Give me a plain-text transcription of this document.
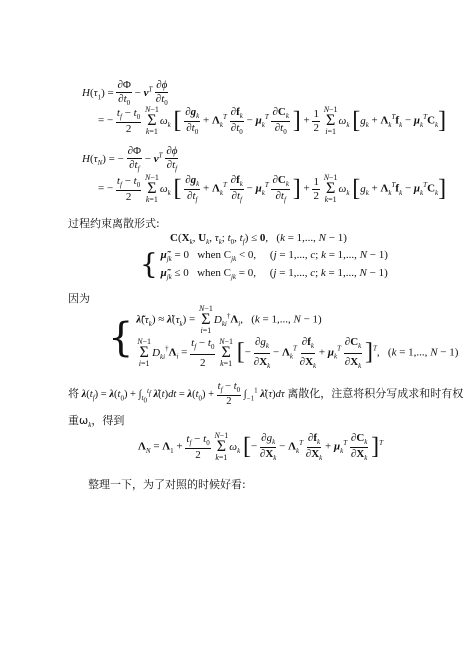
$H(\tau_1) = \frac{\partial\Phi}{\partial t_0} - \nu^T \frac{\partial\phi}{\partial t_0}$
= − $\frac{t_f - t_0}{2}$
N−1
Σ
k=1
$\omega_k$ [ $\frac{\partial g_k}{\partial t_0} + \Lambda_k^T \frac{\partial f_k}{\partial t_0} - \mu_k^T \frac{\partial C_k}{\partial t_0}$ ] + $\frac{1}{2}$
N−1
Σ
i=1
$\omega_k$ $[g_k + \Lambda_k^Tf_k - \mu_k^TC_k]$
$H(\tau_N)$ = − $\frac{\partial\Phi}{\partial t_f} - \nu^T \frac{\partial\phi}{\partial t_f}$
= − $\frac{t_f - t_0}{2}$
N−1
Σ
k=1
$\omega_k$ [ $\frac{\partial g_k}{\partial t_f} + \Lambda_k^T \frac{\partial f_k}{\partial t_f} - \mu_k^T \frac{\partial C_k}{\partial t_f}$ ] + $\frac{1}{2}$
N−1
Σ
k=1
$\omega_k$ $[g_k + \Lambda_k^Tf_k - \mu_k^TC_k]$
过程约束离散形式:
$C(X_k$, $U_k$, $\tau_k$; $t_0$, $t_f) \le 0$,   (k = 1,..., N − 1)
{ $\mũ_{jk} = 0$   when $C_{jk} < 0$,     (j = 1,..., c; k = 1,..., N − 1)
$\mũ_{jk} \le 0$   when $C_{jk} = 0$,     (j = 1,..., c; k = 1,..., N − 1)
因为
{ $\lambdã(\tau_k)$ ≈ $\lambdȧ(\tau_k)$ =
N−1
Σ
i=1
$D_{ki}^\dagger\Lambda_i$,   (k = 1,..., N − 1)

N−1
Σ
i=1
$D_{ki}^\dagger\Lambda_i = \frac{t_f - t_0}{2}$
N−1
Σ
k=1 [− $\frac{\partial g_k}{\partial X_k} - \Lambda_k^T \frac{\partial f_k}{\partial X_k} + \mu_k^T \frac{\partial C_k}{\partial X_k} ]^T$,   (k = 1,..., N − 1)
将 $\lambda(t_f) = \lambda(t_0) + \int_{t_0}^{t_f}$ λ̇(t)dt = $\lambda(t_0) + \frac{t_f - t_0}{2} \int_{-1}^1$ λ̇(τ)dτ 离散化，注意将积分写成求和时有权
重$\omega_k$，得到
$\Lambda_N = \Lambda_1 + \frac{t_f - t_0}{2}$
N−1
Σ
k=1
$\omega_k$ [− $\frac{\partial g_k}{\partial X_k} - \Lambda_k^T \frac{\partial f_k}{\partial X_k} + \mu_k^T \frac{\partial C_k}{\partial X_k} ]^T$
整理一下，为了对照的时候好看:
